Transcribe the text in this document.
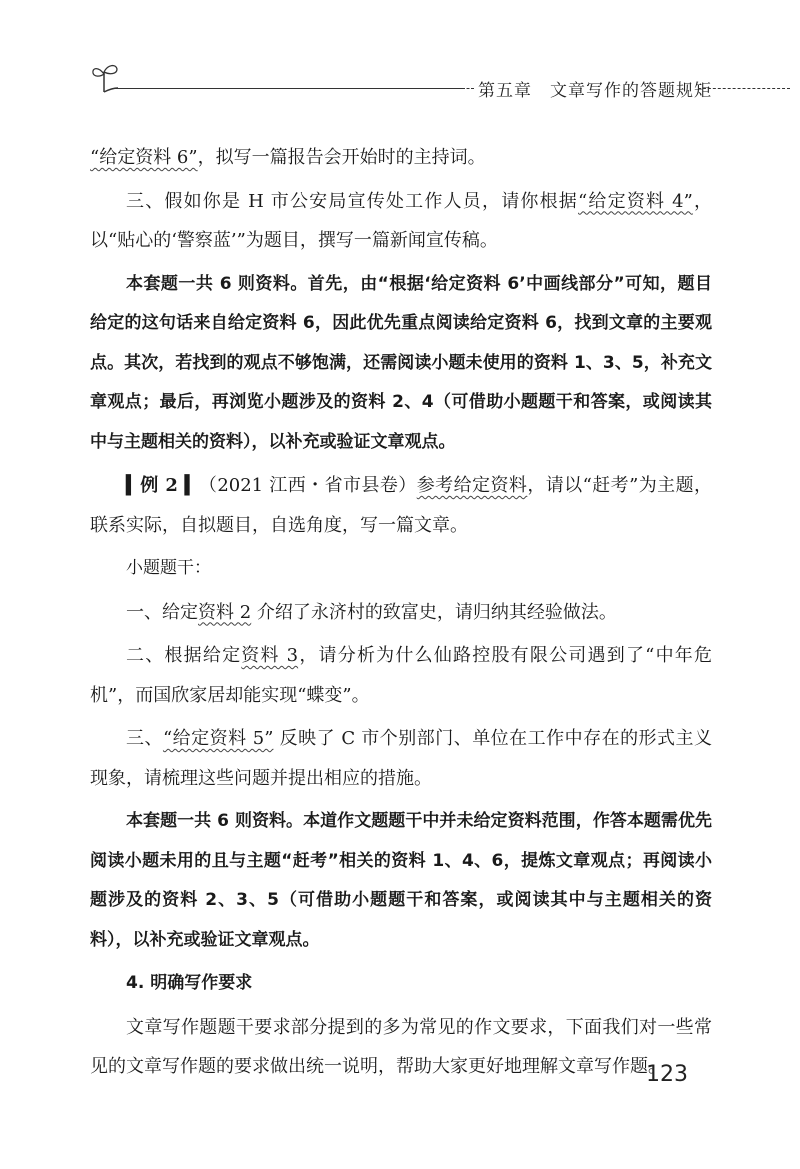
第五章 文章写作的答题规矩

“给定资料 6”，拟写一篇报告会开始时的主持词。

三、假如你是 H 市公安局宣传处工作人员，请你根据“给定资料 4”，以“贴心的‘警察蓝’”为题目，撰写一篇新闻宣传稿。

本套题一共 6 则资料。首先，由“根据‘给定资料 6’中画线部分”可知，题目给定的这句话来自给定资料 6，因此优先重点阅读给定资料 6，找到文章的主要观点。其次，若找到的观点不够饱满，还需阅读小题未使用的资料 1、3、5，补充文章观点；最后，再浏览小题涉及的资料 2、4（可借助小题题干和答案，或阅读其中与主题相关的资料），以补充或验证文章观点。

▍例 2 ▍（2021 江西・省市县卷）参考给定资料，请以“赶考”为主题，联系实际，自拟题目，自选角度，写一篇文章。

小题题干：

一、给定资料 2 介绍了永济村的致富史，请归纳其经验做法。

二、根据给定资料 3，请分析为什么仙路控股有限公司遇到了“中年危机”，而国欣家居却能实现“蝶变”。

三、“给定资料 5” 反映了 C 市个别部门、单位在工作中存在的形式主义现象，请梳理这些问题并提出相应的措施。

本套题一共 6 则资料。本道作文题题干中并未给定资料范围，作答本题需优先阅读小题未用的且与主题“赶考”相关的资料 1、4、6，提炼文章观点；再阅读小题涉及的资料 2、3、5（可借助小题题干和答案，或阅读其中与主题相关的资料），以补充或验证文章观点。

4. 明确写作要求

文章写作题题干要求部分提到的多为常见的作文要求，下面我们对一些常见的文章写作题的要求做出统一说明，帮助大家更好地理解文章写作题。

123
